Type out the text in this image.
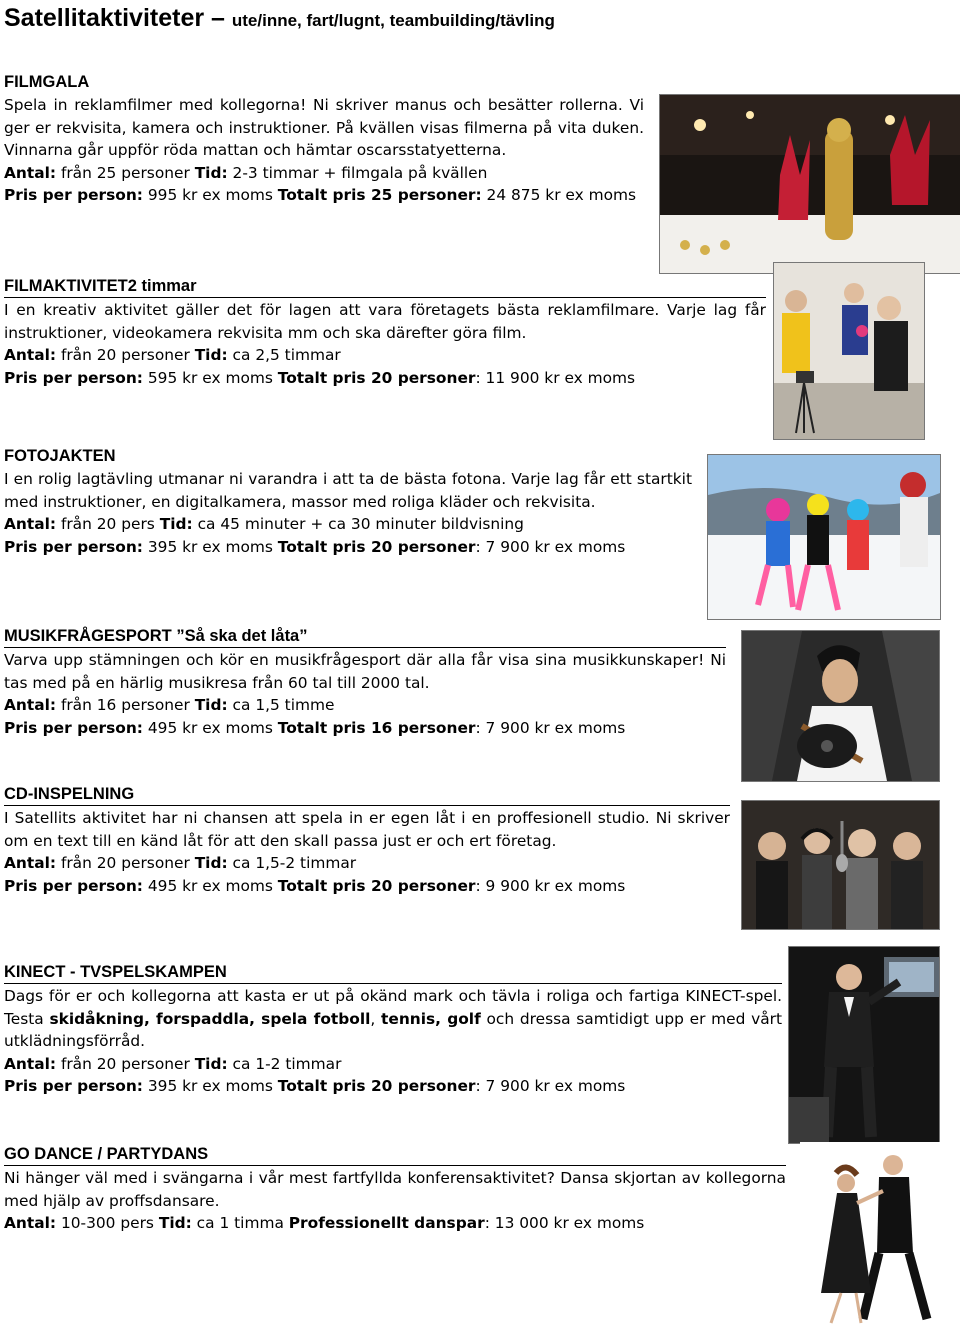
Satellitaktiviteter – ute/inne, fart/lugnt, teambuilding/tävling
FILMGALA
Spela in reklamfilmer med kollegorna! Ni skriver manus och besätter rollerna. Vi ger er rekvisita, kamera och instruktioner. På kvällen visas filmerna på vita duken. Vinnarna går uppför röda mattan och hämtar oscarsstatyetterna.
Antal: från 25 personer Tid: 2-3 timmar + filmgala på kvällen
Pris per person: 995 kr ex moms Totalt pris 25 personer: 24 875 kr ex moms
FILMAKTIVITET2 timmar
I en kreativ aktivitet gäller det för lagen att vara företagets bästa reklamfilmare. Varje lag får instruktioner, videokamera rekvisita mm och ska därefter göra film.
Antal: från 20 personer Tid: ca 2,5 timmar
Pris per person: 595 kr ex moms Totalt pris 20 personer: 11 900 kr ex moms
FOTOJAKTEN
I en rolig lagtävling utmanar ni varandra i att ta de bästa fotona. Varje lag får ett startkit med instruktioner, en digitalkamera, massor med roliga kläder och rekvisita.
Antal: från 20 pers Tid: ca 45 minuter + ca 30 minuter bildvisning
Pris per person: 395 kr ex moms Totalt pris 20 personer: 7 900 kr ex moms
MUSIKFRÅGESPORT ”Så ska det låta”
Varva upp stämningen och kör en musikfrågesport där alla får visa sina musikkunskaper! Ni tas med på en härlig musikresa från 60 tal till 2000 tal.
Antal: från 16 personer Tid: ca 1,5 timme
Pris per person: 495 kr ex moms Totalt pris 16 personer: 7 900 kr ex moms
CD-INSPELNING
I Satellits aktivitet har ni chansen att spela in er egen låt i en proffesionell studio. Ni skriver om en text till en känd låt för att den skall passa just er och ert företag.
Antal: från 20 personer Tid: ca 1,5-2 timmar
Pris per person: 495 kr ex moms Totalt pris 20 personer: 9 900 kr ex moms
KINECT - TVSPELSKAMPEN
Dags för er och kollegorna att kasta er ut på okänd mark och tävla i roliga och fartiga KINECT-spel. Testa skidåkning, forspaddla, spela fotboll, tennis, golf och dressa samtidigt upp er med vårt utklädningsförråd.
Antal: från 20 personer Tid: ca 1-2 timmar
Pris per person: 395 kr ex moms Totalt pris 20 personer: 7 900 kr ex moms
GO DANCE / PARTYDANS
Ni hänger väl med i svängarna i vår mest fartfyllda konferensaktivitet? Dansa skjortan av kollegorna med hjälp av proffsdansare.
Antal: 10-300 pers Tid: ca 1 timma Professionellt danspar: 13 000 kr ex moms
